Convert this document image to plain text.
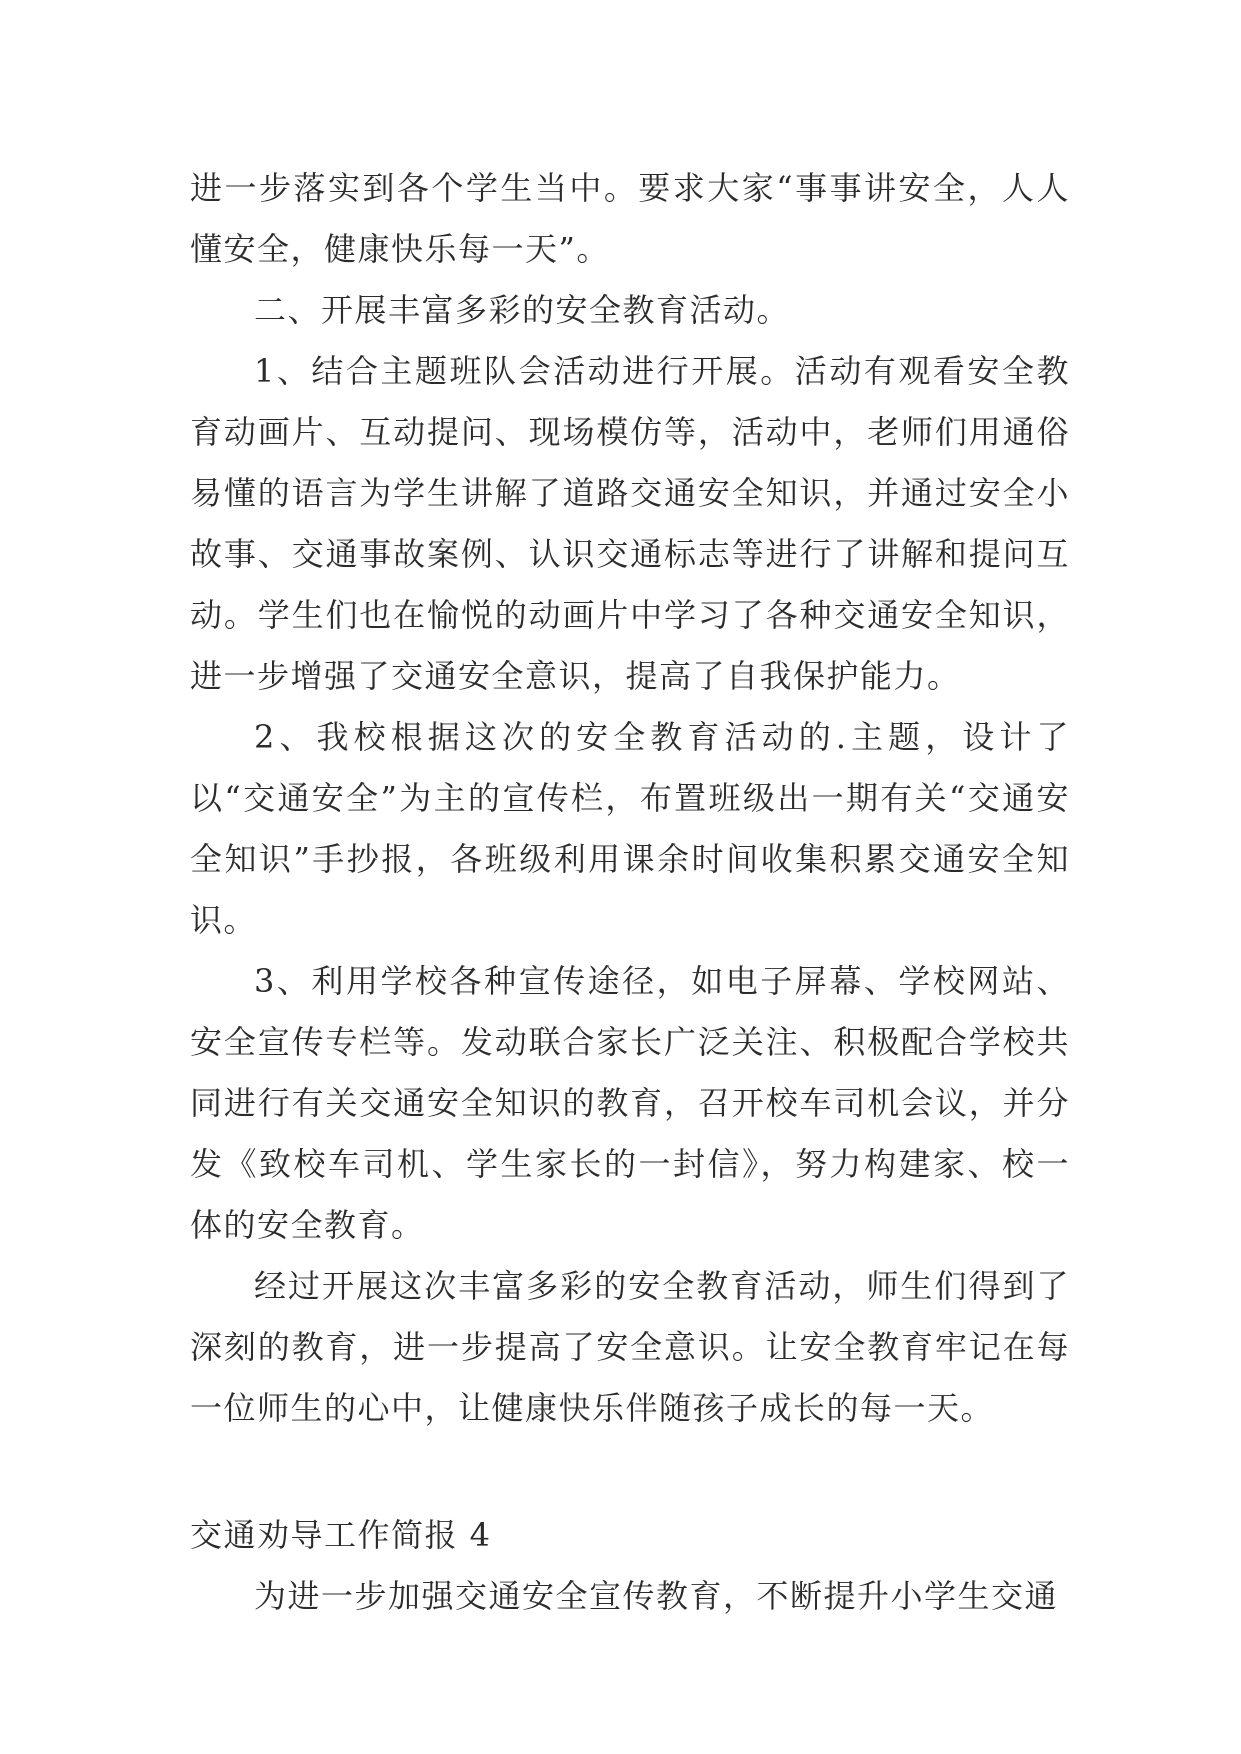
进一步落实到各个学生当中。要求大家“事事讲安全，人人懂安全，健康快乐每一天”。

二、开展丰富多彩的安全教育活动。

1、结合主题班队会活动进行开展。活动有观看安全教育动画片、互动提问、现场模仿等，活动中，老师们用通俗易懂的语言为学生讲解了道路交通安全知识，并通过安全小故事、交通事故案例、认识交通标志等进行了讲解和提问互动。学生们也在愉悦的动画片中学习了各种交通安全知识，进一步增强了交通安全意识，提高了自我保护能力。

2、我校根据这次的安全教育活动的.主题，设计了以“交通安全”为主的宣传栏，布置班级出一期有关“交通安全知识”手抄报，各班级利用课余时间收集积累交通安全知识。

3、利用学校各种宣传途径，如电子屏幕、学校网站、安全宣传专栏等。发动联合家长广泛关注、积极配合学校共同进行有关交通安全知识的教育，召开校车司机会议，并分发《致校车司机、学生家长的一封信》，努力构建家、校一体的安全教育。

经过开展这次丰富多彩的安全教育活动，师生们得到了深刻的教育，进一步提高了安全意识。让安全教育牢记在每一位师生的心中，让健康快乐伴随孩子成长的每一天。

交通劝导工作简报 4

为进一步加强交通安全宣传教育，不断提升小学生交通
